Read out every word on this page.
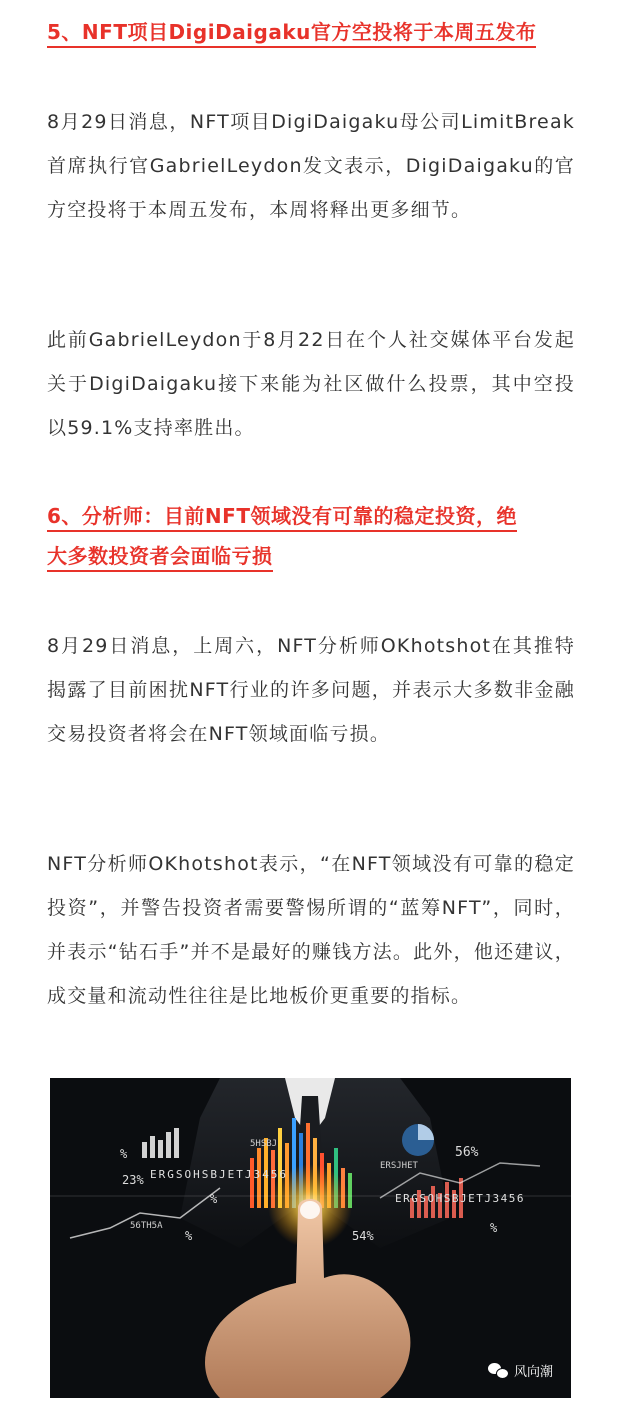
5、NFT项目DigiDaigaku官方空投将于本周五发布

8月29日消息，NFT项目DigiDaigaku母公司LimitBreak首席执行官GabrielLeydon发文表示，DigiDaigaku的官方空投将于本周五发布，本周将释出更多细节。

此前GabrielLeydon于8月22日在个人社交媒体平台发起关于DigiDaigaku接下来能为社区做什么投票，其中空投以59.1%支持率胜出。

6、分析师：目前NFT领域没有可靠的稳定投资，绝
大多数投资者会面临亏损

8月29日消息，上周六，NFT分析师OKhotshot在其推特揭露了目前困扰NFT行业的许多问题，并表示大多数非金融交易投资者将会在NFT领域面临亏损。

NFT分析师OKhotshot表示，“在NFT领域没有可靠的稳定投资”，并警告投资者需要警惕所谓的“蓝筹NFT”，同时，并表示“钻石手”并不是最好的赚钱方法。此外，他还建议，成交量和流动性往往是比地板价更重要的指标。

%
23%
56%
54%
%
%
%
ERGSOHSBJETJ3456
ERGSOHSBJETJ3456
56TH5A
5HSBJ
ERSJHET
风向潮
